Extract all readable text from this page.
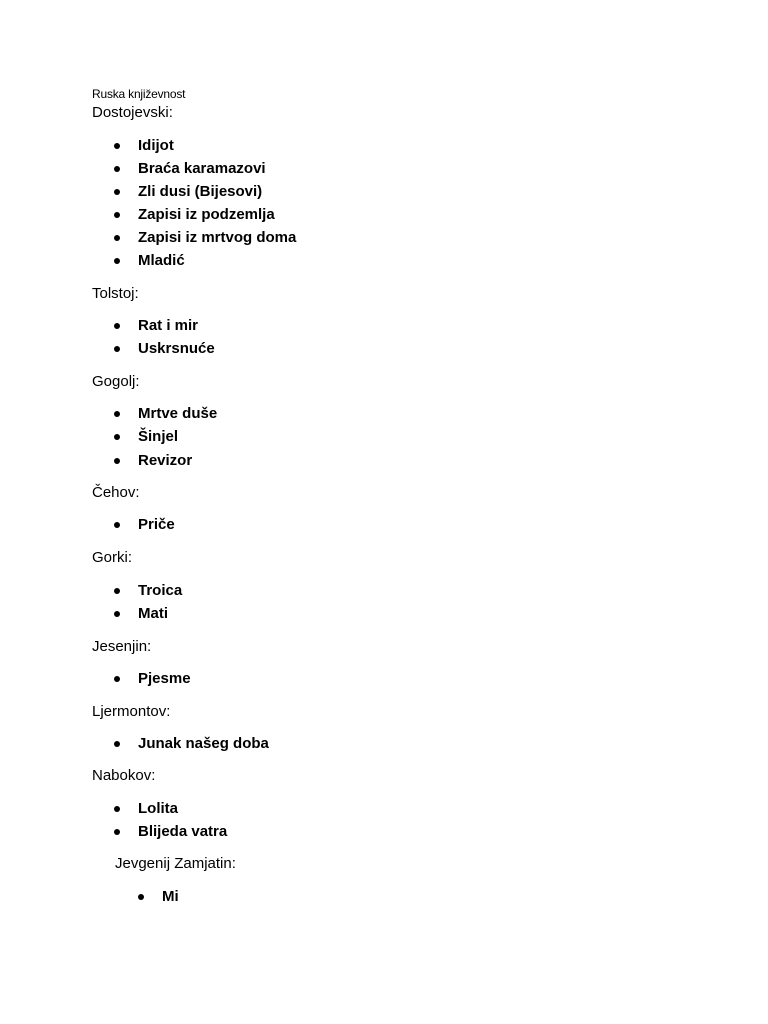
Ruska književnost
Dostojevski:
Idijot
Braća karamazovi
Zli dusi (Bijesovi)
Zapisi iz podzemlja
Zapisi iz mrtvog doma
Mladić
Tolstoj:
Rat i mir
Uskrsnuće
Gogolj:
Mrtve duše
Šinjel
Revizor
Čehov:
Priče
Gorki:
Troica
Mati
Jesenjin:
Pjesme
Ljermontov:
Junak našeg doba
Nabokov:
Lolita
Blijeda vatra
Jevgenij Zamjatin:
Mi
